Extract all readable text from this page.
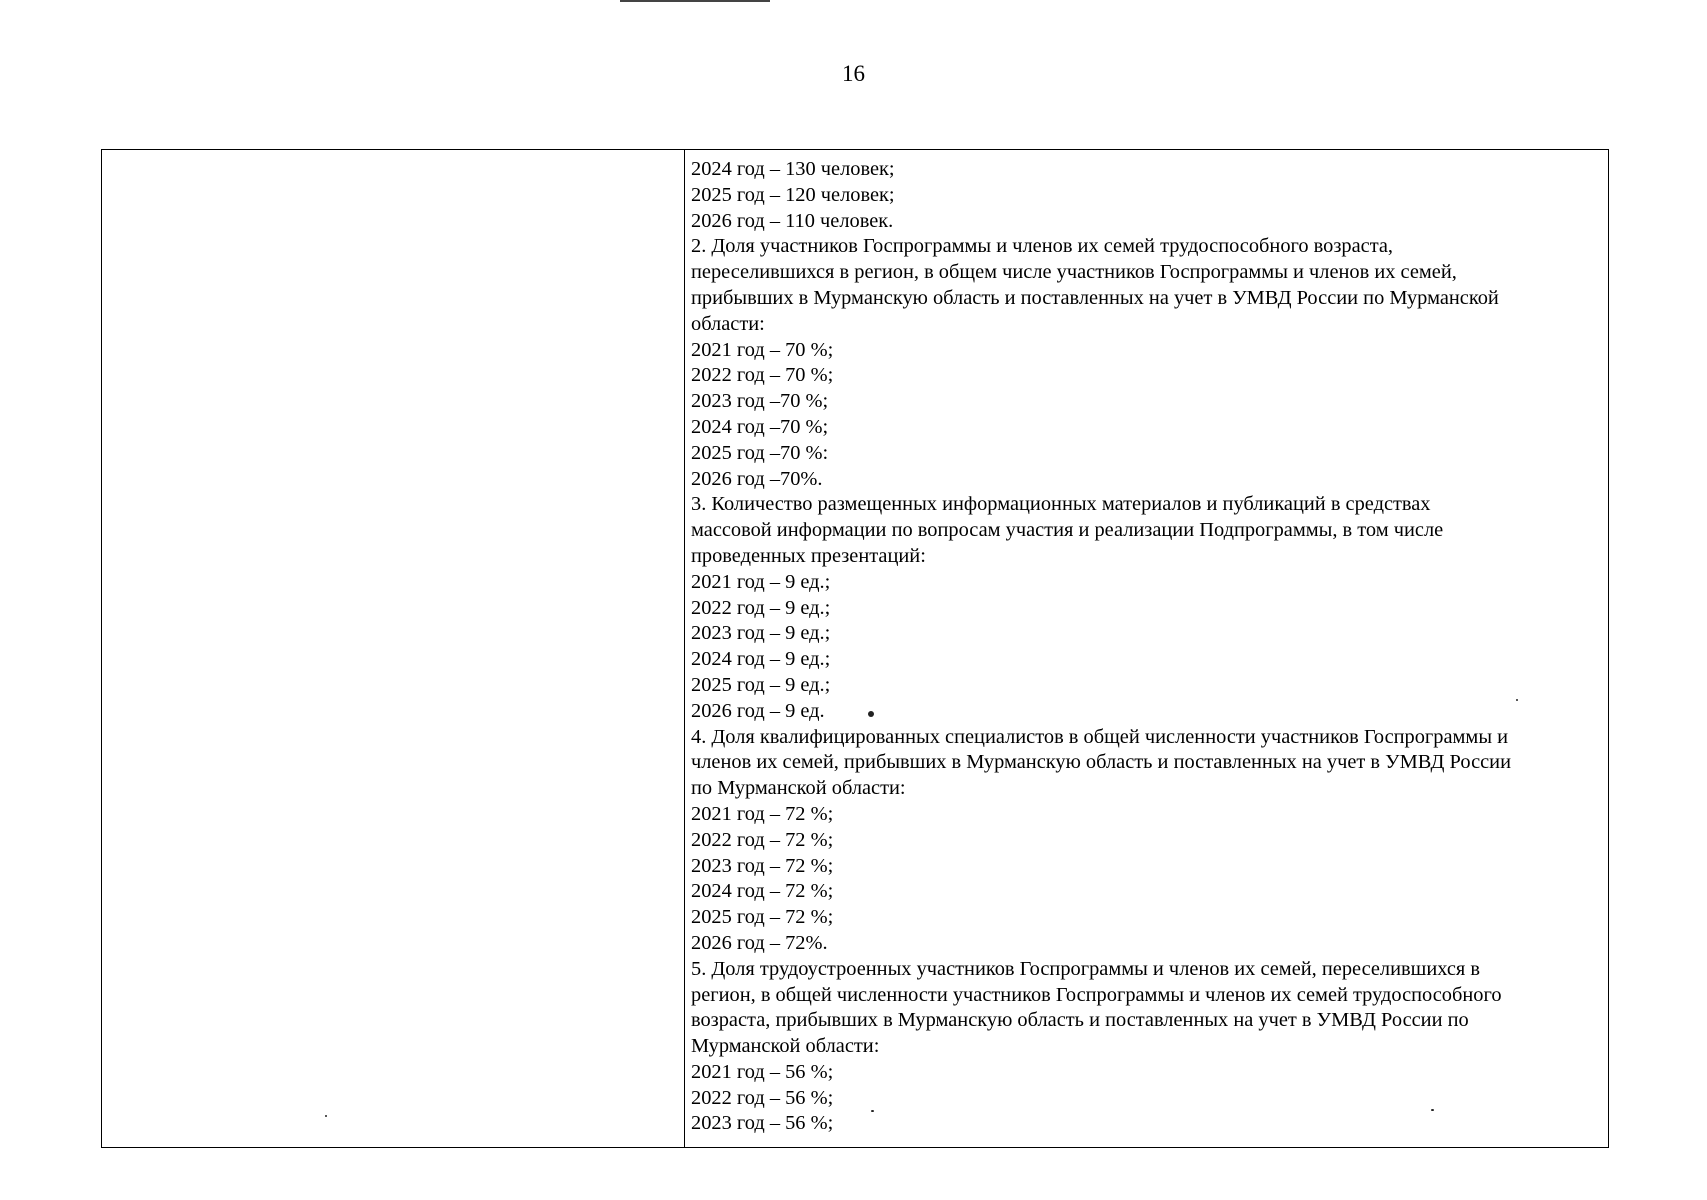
16
2024 год – 130 человек;
2025 год – 120 человек;
2026 год – 110 человек.
2. Доля участников Госпрограммы и членов их семей трудоспособного возраста,
переселившихся в регион, в общем числе участников Госпрограммы и членов их семей,
прибывших в Мурманскую область и поставленных на учет в УМВД России по Мурманской
области:
2021 год – 70 %;
2022 год – 70 %;
2023 год –70 %;
2024 год –70 %;
2025 год –70 %:
2026 год –70%.
3. Количество размещенных информационных материалов и публикаций в средствах
массовой информации по вопросам участия и реализации Подпрограммы, в том числе
проведенных презентаций:
2021 год – 9 ед.;
2022 год – 9 ед.;
2023 год – 9 ед.;
2024 год – 9 ед.;
2025 год – 9 ед.;
2026 год – 9 ед.
4. Доля квалифицированных специалистов в общей численности участников Госпрограммы и
членов их семей, прибывших в Мурманскую область и поставленных на учет в УМВД России
по Мурманской области:
2021 год – 72 %;
2022 год – 72 %;
2023 год – 72 %;
2024 год – 72 %;
2025 год – 72 %;
2026 год – 72%.
5. Доля трудоустроенных участников Госпрограммы и членов их семей, переселившихся в
регион, в общей численности участников Госпрограммы и членов их семей трудоспособного
возраста, прибывших в Мурманскую область и поставленных на учет в УМВД России по
Мурманской области:
2021 год – 56 %;
2022 год – 56 %;
2023 год – 56 %;
